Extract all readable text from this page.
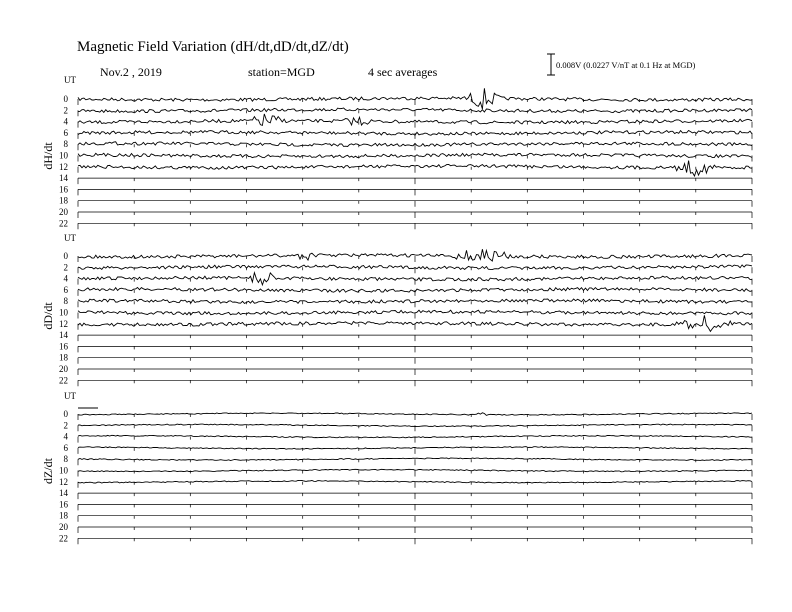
0
2
4
6
8
10
12
14
16
18
20
22
0
2
4
6
8
10
12
14
16
18
20
22
0
2
4
6
8
10
12
14
16
18
20
22
Magnetic Field Variation (dH/dt,dD/dt,dZ/dt)
Nov.2 , 2019	station=MGD	4 sec averages	0.008V (0.0227 V/nT at 0.1 Hz at MGD)
UT
UT
UT
dH/dt
dD/dt
dZ/dt
